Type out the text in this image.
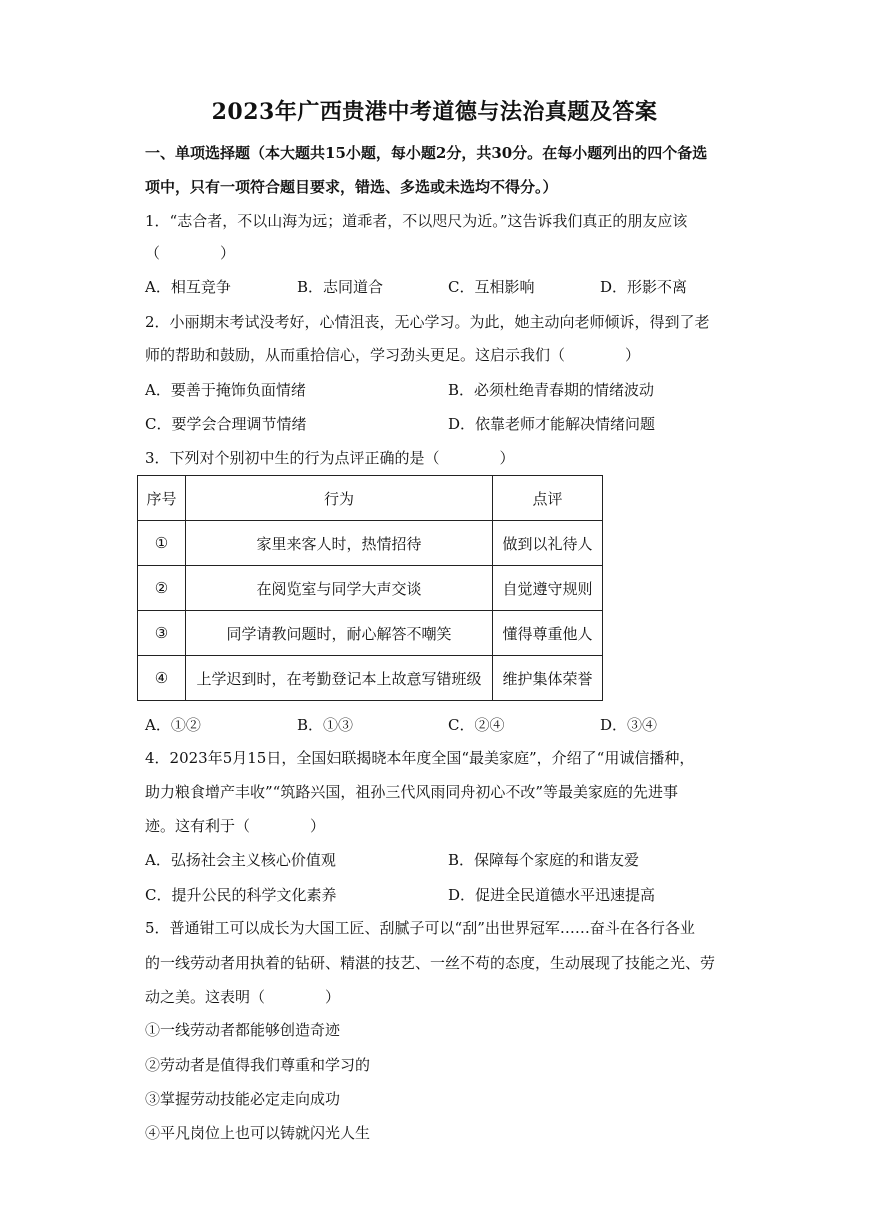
2023年广西贵港中考道德与法治真题及答案
一、单项选择题（本大题共15小题，每小题2分，共30分。在每小题列出的四个备选
项中，只有一项符合题目要求，错选、多选或未选均不得分。）
1．“志合者，不以山海为远；道乖者，不以咫尺为近。”这告诉我们真正的朋友应该
（　　　　）
A．相互竞争	B．志同道合	C．互相影响	D．形影不离
2．小丽期末考试没考好，心情沮丧，无心学习。为此，她主动向老师倾诉，得到了老
师的帮助和鼓励，从而重拾信心，学习劲头更足。这启示我们（　　　　）
A．要善于掩饰负面情绪	B．必须杜绝青春期的情绪波动
C．要学会合理调节情绪	D．依靠老师才能解决情绪问题
3．下列对个别初中生的行为点评正确的是（　　　　）
序号	行为	点评
①	家里来客人时，热情招待	做到以礼待人
②	在阅览室与同学大声交谈	自觉遵守规则
③	同学请教问题时，耐心解答不嘲笑	懂得尊重他人
④	上学迟到时，在考勤登记本上故意写错班级	维护集体荣誉
A．①②	B．①③	C．②④	D．③④
4．2023年5月15日，全国妇联揭晓本年度全国“最美家庭”，介绍了“用诚信播种，
助力粮食增产丰收”“筑路兴国，祖孙三代风雨同舟初心不改”等最美家庭的先进事
迹。这有利于（　　　　）
A．弘扬社会主义核心价值观	B．保障每个家庭的和谐友爱
C．提升公民的科学文化素养	D．促进全民道德水平迅速提高
5．普通钳工可以成长为大国工匠、刮腻子可以“刮”出世界冠军……奋斗在各行各业
的一线劳动者用执着的钻研、精湛的技艺、一丝不苟的态度，生动展现了技能之光、劳
动之美。这表明（　　　　）
①一线劳动者都能够创造奇迹
②劳动者是值得我们尊重和学习的
③掌握劳动技能必定走向成功
④平凡岗位上也可以铸就闪光人生
